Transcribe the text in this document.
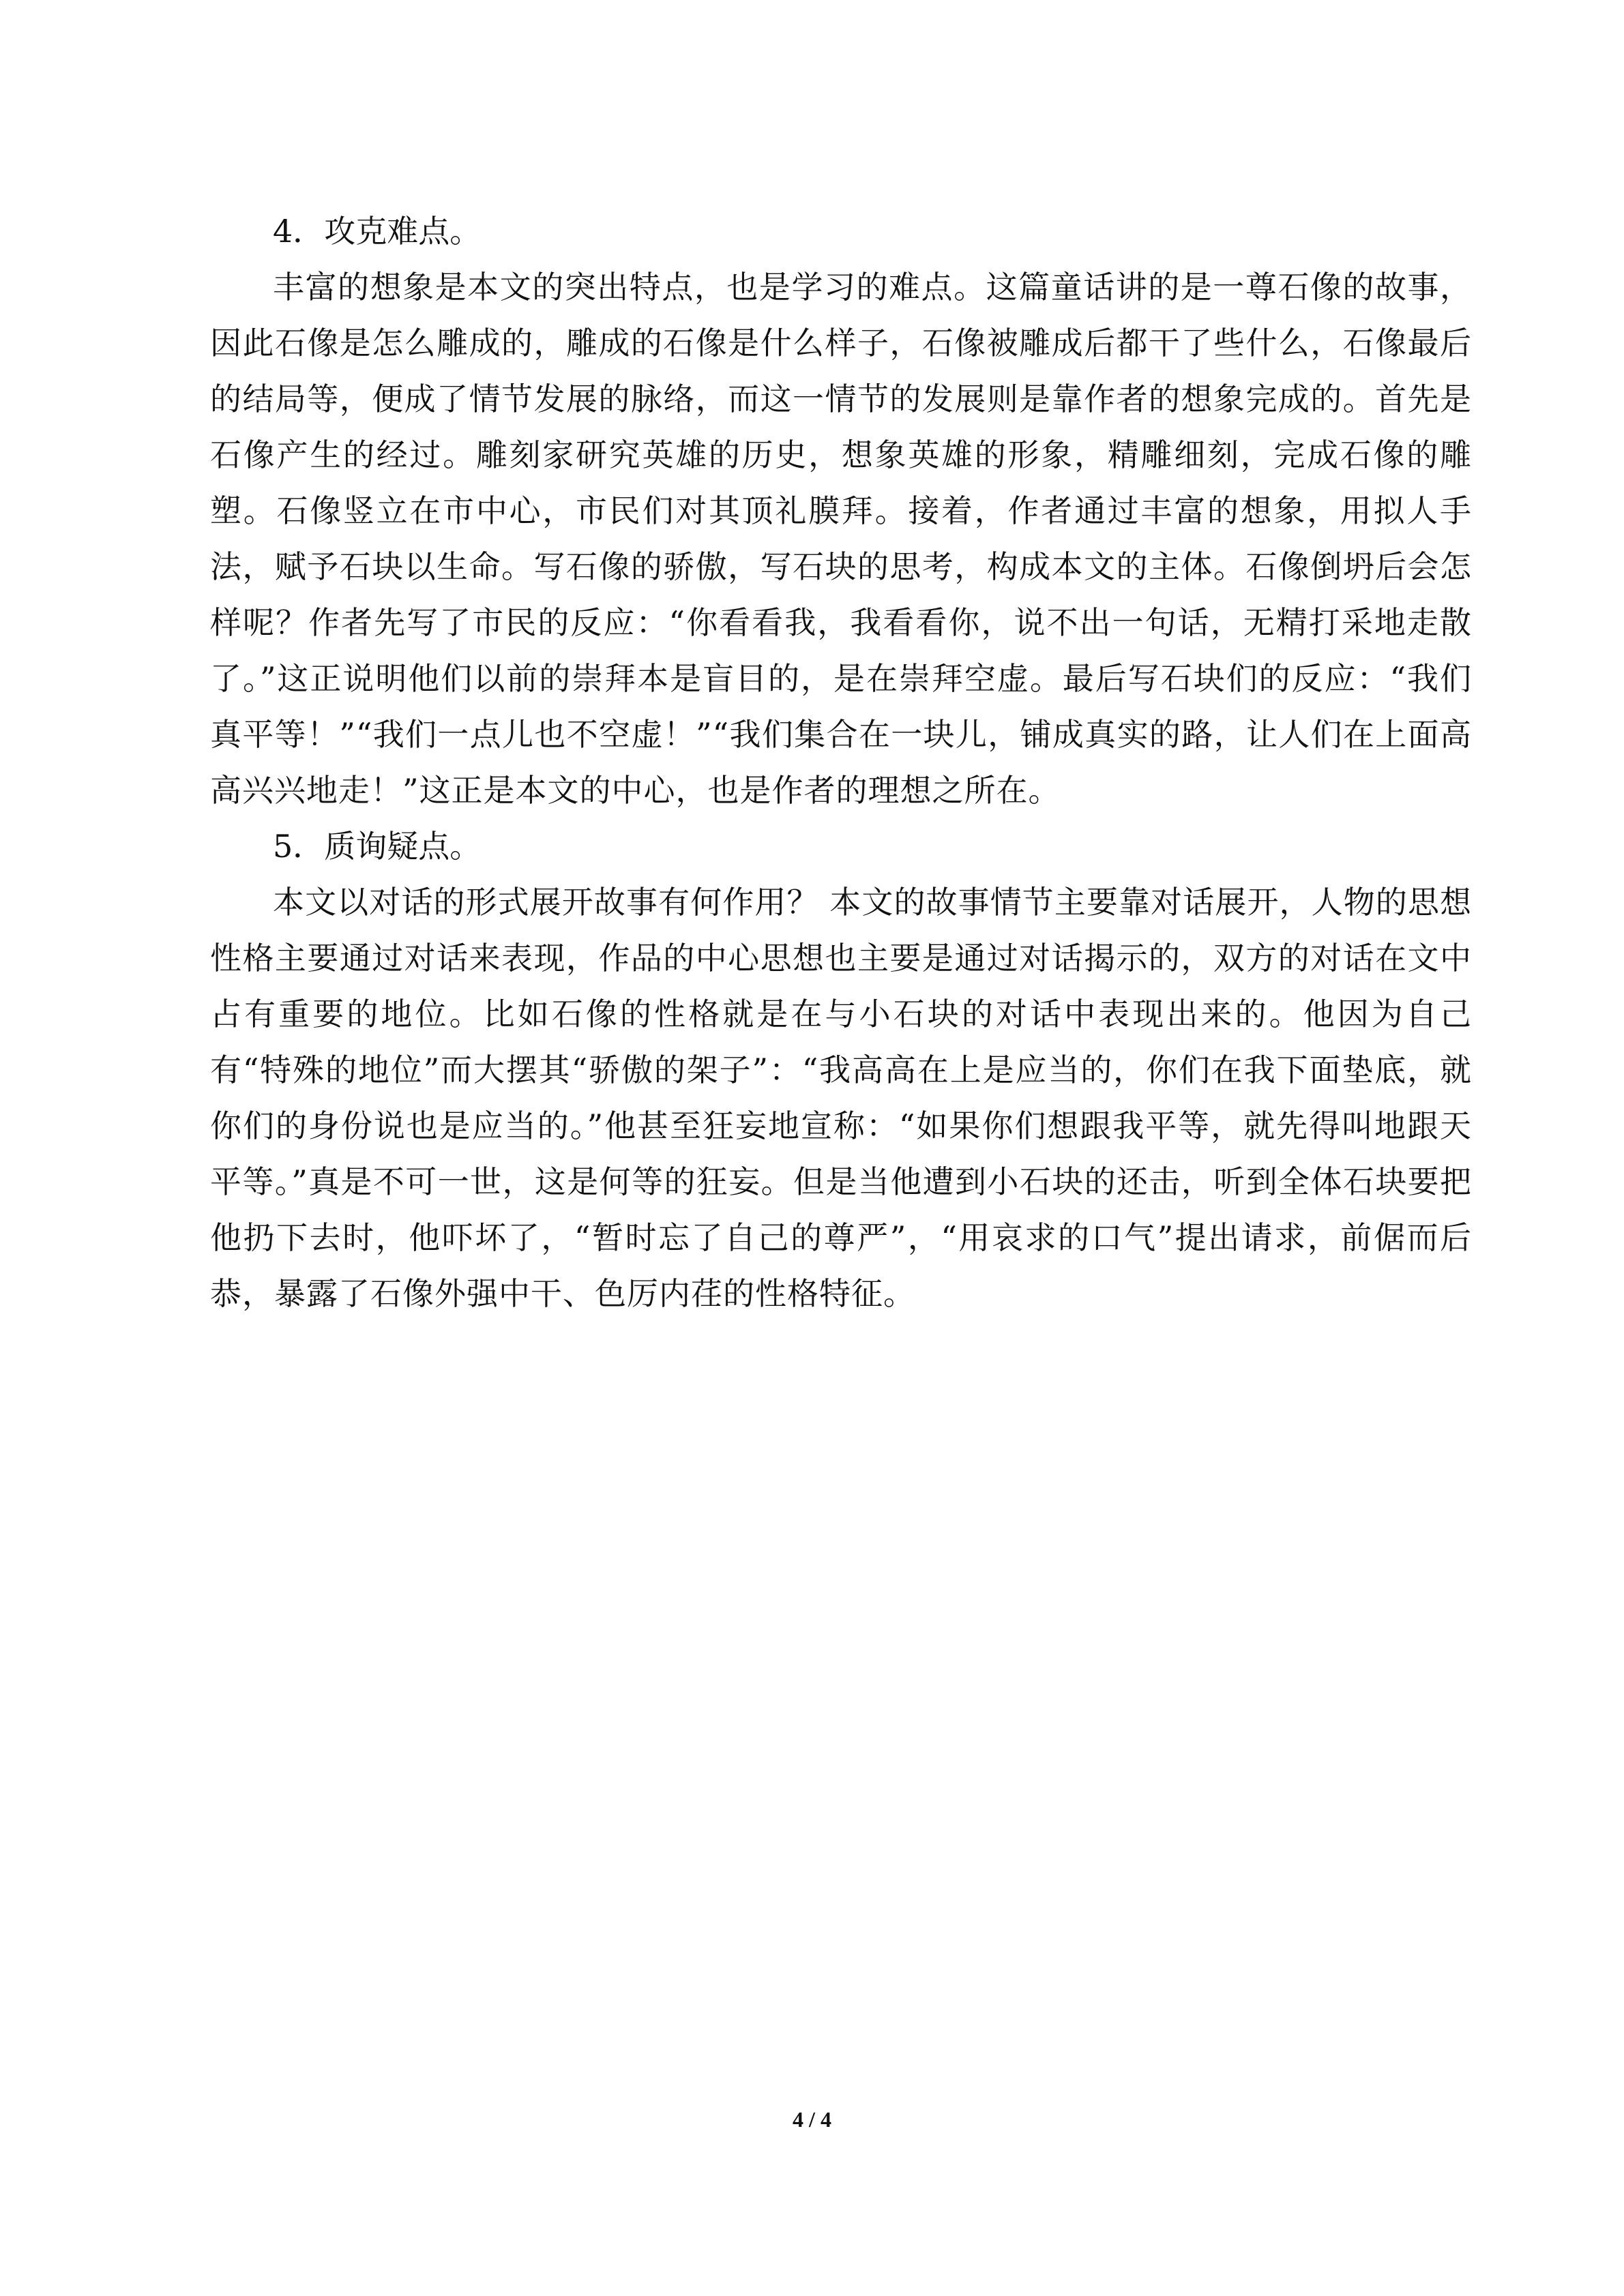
4．攻克难点。

丰富的想象是本文的突出特点，也是学习的难点。这篇童话讲的是一尊石像的故事，因此石像是怎么雕成的，雕成的石像是什么样子，石像被雕成后都干了些什么，石像最后的结局等，便成了情节发展的脉络，而这一情节的发展则是靠作者的想象完成的。首先是石像产生的经过。雕刻家研究英雄的历史，想象英雄的形象，精雕细刻，完成石像的雕塑。石像竖立在市中心，市民们对其顶礼膜拜。接着，作者通过丰富的想象，用拟人手法，赋予石块以生命。写石像的骄傲，写石块的思考，构成本文的主体。石像倒坍后会怎样呢？作者先写了市民的反应：“你看看我，我看看你，说不出一句话，无精打采地走散了。”这正说明他们以前的崇拜本是盲目的，是在崇拜空虚。最后写石块们的反应：“我们真平等！”“我们一点儿也不空虚！”“我们集合在一块儿，铺成真实的路，让人们在上面高高兴兴地走！”这正是本文的中心，也是作者的理想之所在。

5．质询疑点。

本文以对话的形式展开故事有何作用？ 本文的故事情节主要靠对话展开，人物的思想性格主要通过对话来表现，作品的中心思想也主要是通过对话揭示的，双方的对话在文中占有重要的地位。比如石像的性格就是在与小石块的对话中表现出来的。他因为自己有“特殊的地位”而大摆其“骄傲的架子”：“我高高在上是应当的，你们在我下面垫底，就你们的身份说也是应当的。”他甚至狂妄地宣称：“如果你们想跟我平等，就先得叫地跟天平等。”真是不可一世，这是何等的狂妄。但是当他遭到小石块的还击，听到全体石块要把他扔下去时，他吓坏了，“暂时忘了自己的尊严”，“用哀求的口气”提出请求，前倨而后恭，暴露了石像外强中干、色厉内荏的性格特征。

4 / 4
